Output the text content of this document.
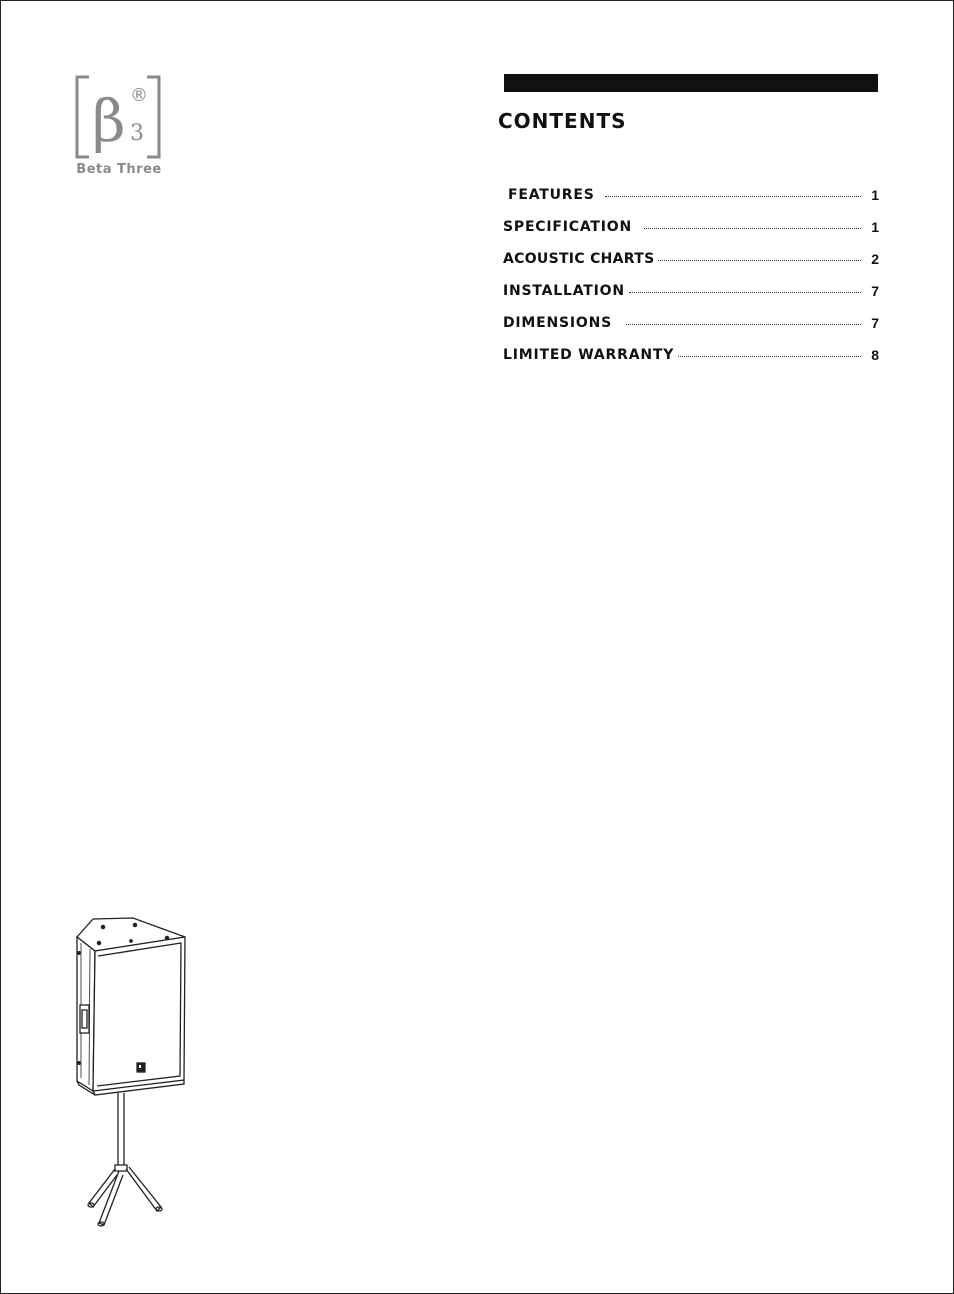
β ®
3
Beta Three
CONTENTS
FEATURES	1
SPECIFICATION	1
ACOUSTIC CHARTS	2
INSTALLATION	7
DIMENSIONS	7
LIMITED WARRANTY	8
